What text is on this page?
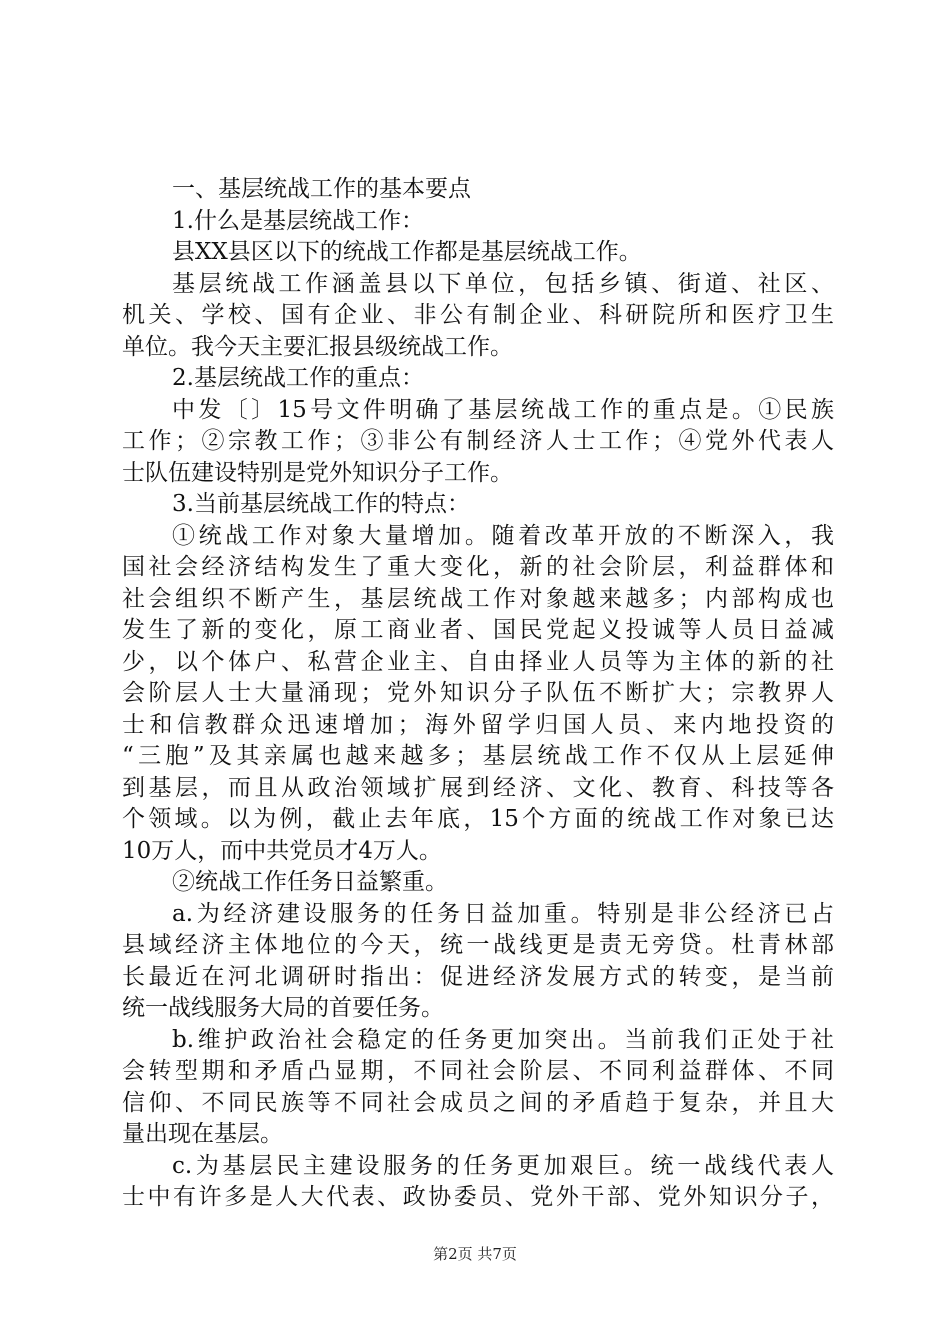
一、基层统战工作的基本要点
1.什么是基层统战工作：
县XX县区以下的统战工作都是基层统战工作。
基层统战工作涵盖县以下单位，包括乡镇、街道、社区、
机关、学校、国有企业、非公有制企业、科研院所和医疗卫生
单位。我今天主要汇报县级统战工作。
2.基层统战工作的重点：
中发〔〕15号文件明确了基层统战工作的重点是。①民族
工作；②宗教工作；③非公有制经济人士工作；④党外代表人
士队伍建设特别是党外知识分子工作。
3.当前基层统战工作的特点：
①统战工作对象大量增加。随着改革开放的不断深入，我
国社会经济结构发生了重大变化，新的社会阶层，利益群体和
社会组织不断产生，基层统战工作对象越来越多；内部构成也
发生了新的变化，原工商业者、国民党起义投诚等人员日益减
少，以个体户、私营企业主、自由择业人员等为主体的新的社
会阶层人士大量涌现；党外知识分子队伍不断扩大；宗教界人
士和信教群众迅速增加；海外留学归国人员、来内地投资的
“三胞”及其亲属也越来越多；基层统战工作不仅从上层延伸
到基层，而且从政治领域扩展到经济、文化、教育、科技等各
个领域。以为例，截止去年底，15个方面的统战工作对象已达
10万人，而中共党员才4万人。
②统战工作任务日益繁重。
a.为经济建设服务的任务日益加重。特别是非公经济已占
县域经济主体地位的今天，统一战线更是责无旁贷。杜青林部
长最近在河北调研时指出：促进经济发展方式的转变，是当前
统一战线服务大局的首要任务。
b.维护政治社会稳定的任务更加突出。当前我们正处于社
会转型期和矛盾凸显期，不同社会阶层、不同利益群体、不同
信仰、不同民族等不同社会成员之间的矛盾趋于复杂，并且大
量出现在基层。
c.为基层民主建设服务的任务更加艰巨。统一战线代表人
士中有许多是人大代表、政协委员、党外干部、党外知识分子，
第2页 共7页
